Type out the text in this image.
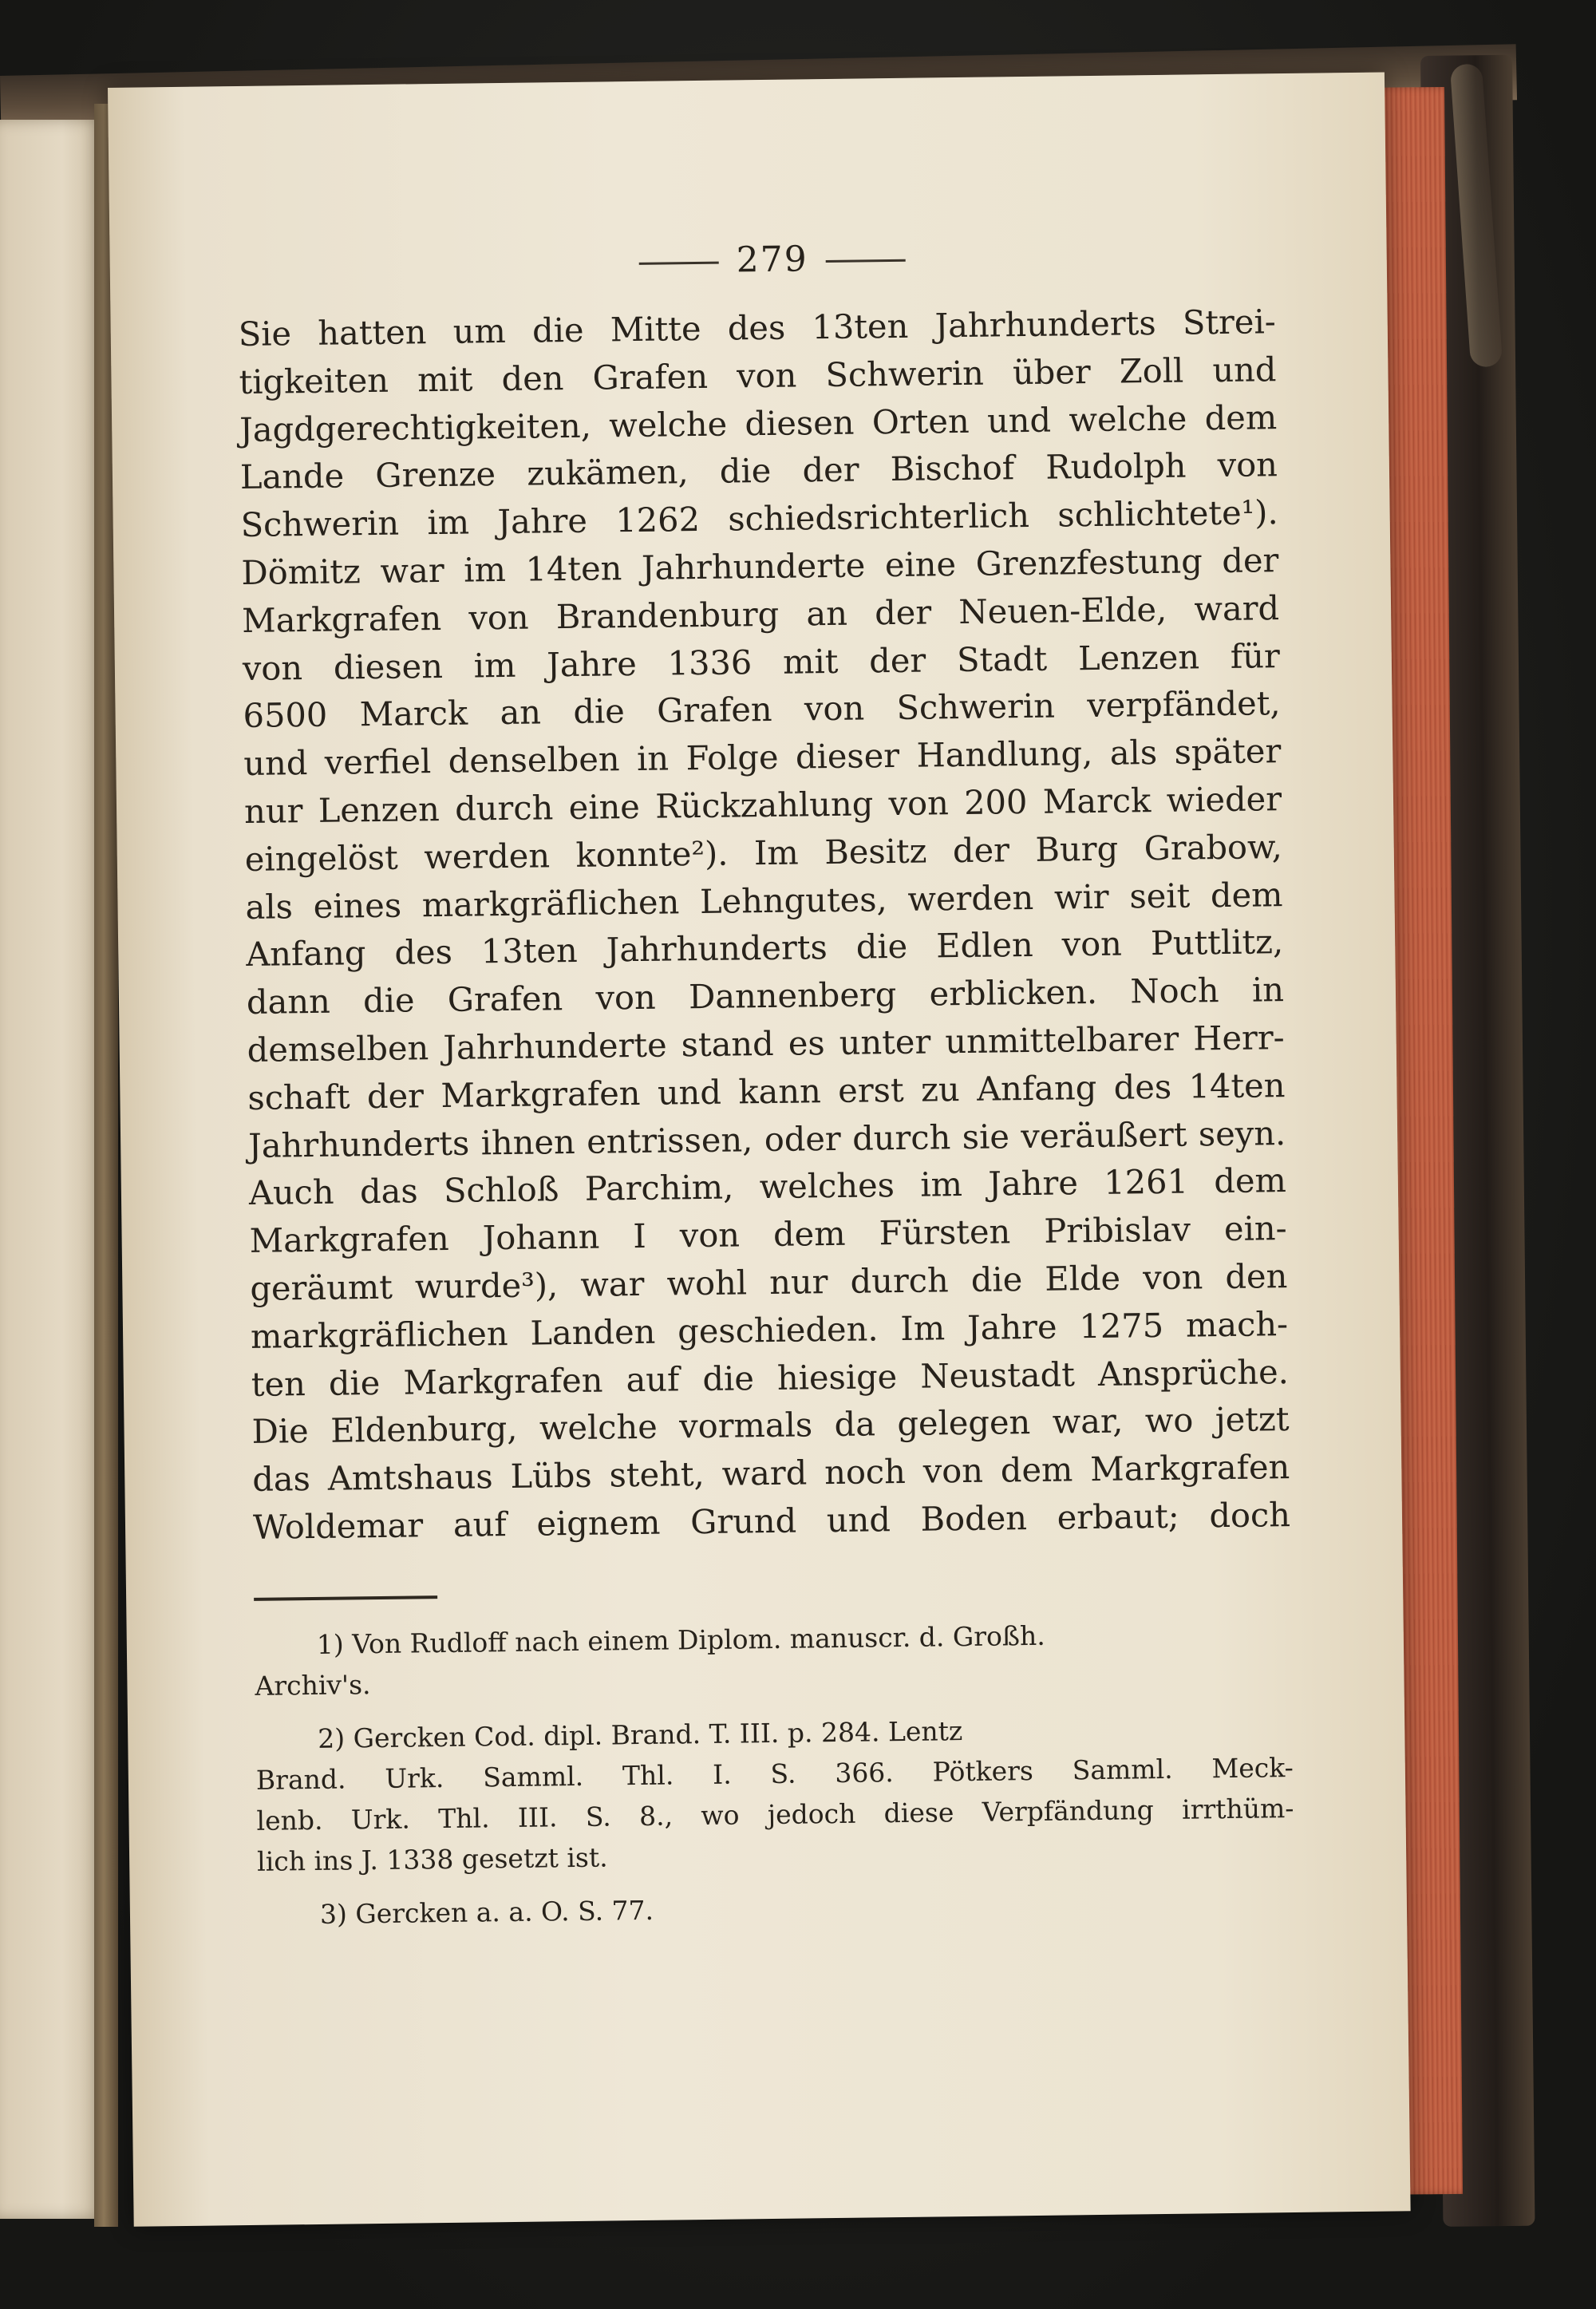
279

Sie hatten um die Mitte des 13ten Jahrhunderts Strei-

tigkeiten mit den Grafen von Schwerin über Zoll und

Jagdgerechtigkeiten, welche diesen Orten und welche dem

Lande Grenze zukämen, die der Bischof Rudolph von

Schwerin im Jahre 1262 schiedsrichterlich schlichtete¹).

Dömitz war im 14ten Jahrhunderte eine Grenzfestung der

Markgrafen von Brandenburg an der Neuen-Elde, ward

von diesen im Jahre 1336 mit der Stadt Lenzen für

6500 Marck an die Grafen von Schwerin verpfändet,

und verfiel denselben in Folge dieser Handlung, als später

nur Lenzen durch eine Rückzahlung von 200 Marck wieder

eingelöst werden konnte²). Im Besitz der Burg Grabow,

als eines markgräflichen Lehngutes, werden wir seit dem

Anfang des 13ten Jahrhunderts die Edlen von Puttlitz,

dann die Grafen von Dannenberg erblicken. Noch in

demselben Jahrhunderte stand es unter unmittelbarer Herr-

schaft der Markgrafen und kann erst zu Anfang des 14ten

Jahrhunderts ihnen entrissen, oder durch sie veräußert seyn.

Auch das Schloß Parchim, welches im Jahre 1261 dem

Markgrafen Johann I von dem Fürsten Pribislav ein-

geräumt wurde³), war wohl nur durch die Elde von den

markgräflichen Landen geschieden. Im Jahre 1275 mach-

ten die Markgrafen auf die hiesige Neustadt Ansprüche.

Die Eldenburg, welche vormals da gelegen war, wo jetzt

das Amtshaus Lübs steht, ward noch von dem Markgrafen

Woldemar auf eignem Grund und Boden erbaut; doch

1) Von Rudloff nach einem Diplom. manuscr. d. Großh.

Archiv's.

2) Gercken Cod. dipl. Brand. T. III. p. 284. Lentz

Brand. Urk. Samml. Thl. I. S. 366. Pötkers Samml. Meck-

lenb. Urk. Thl. III. S. 8., wo jedoch diese Verpfändung irrthüm-

lich ins J. 1338 gesetzt ist.

3) Gercken a. a. O. S. 77.
